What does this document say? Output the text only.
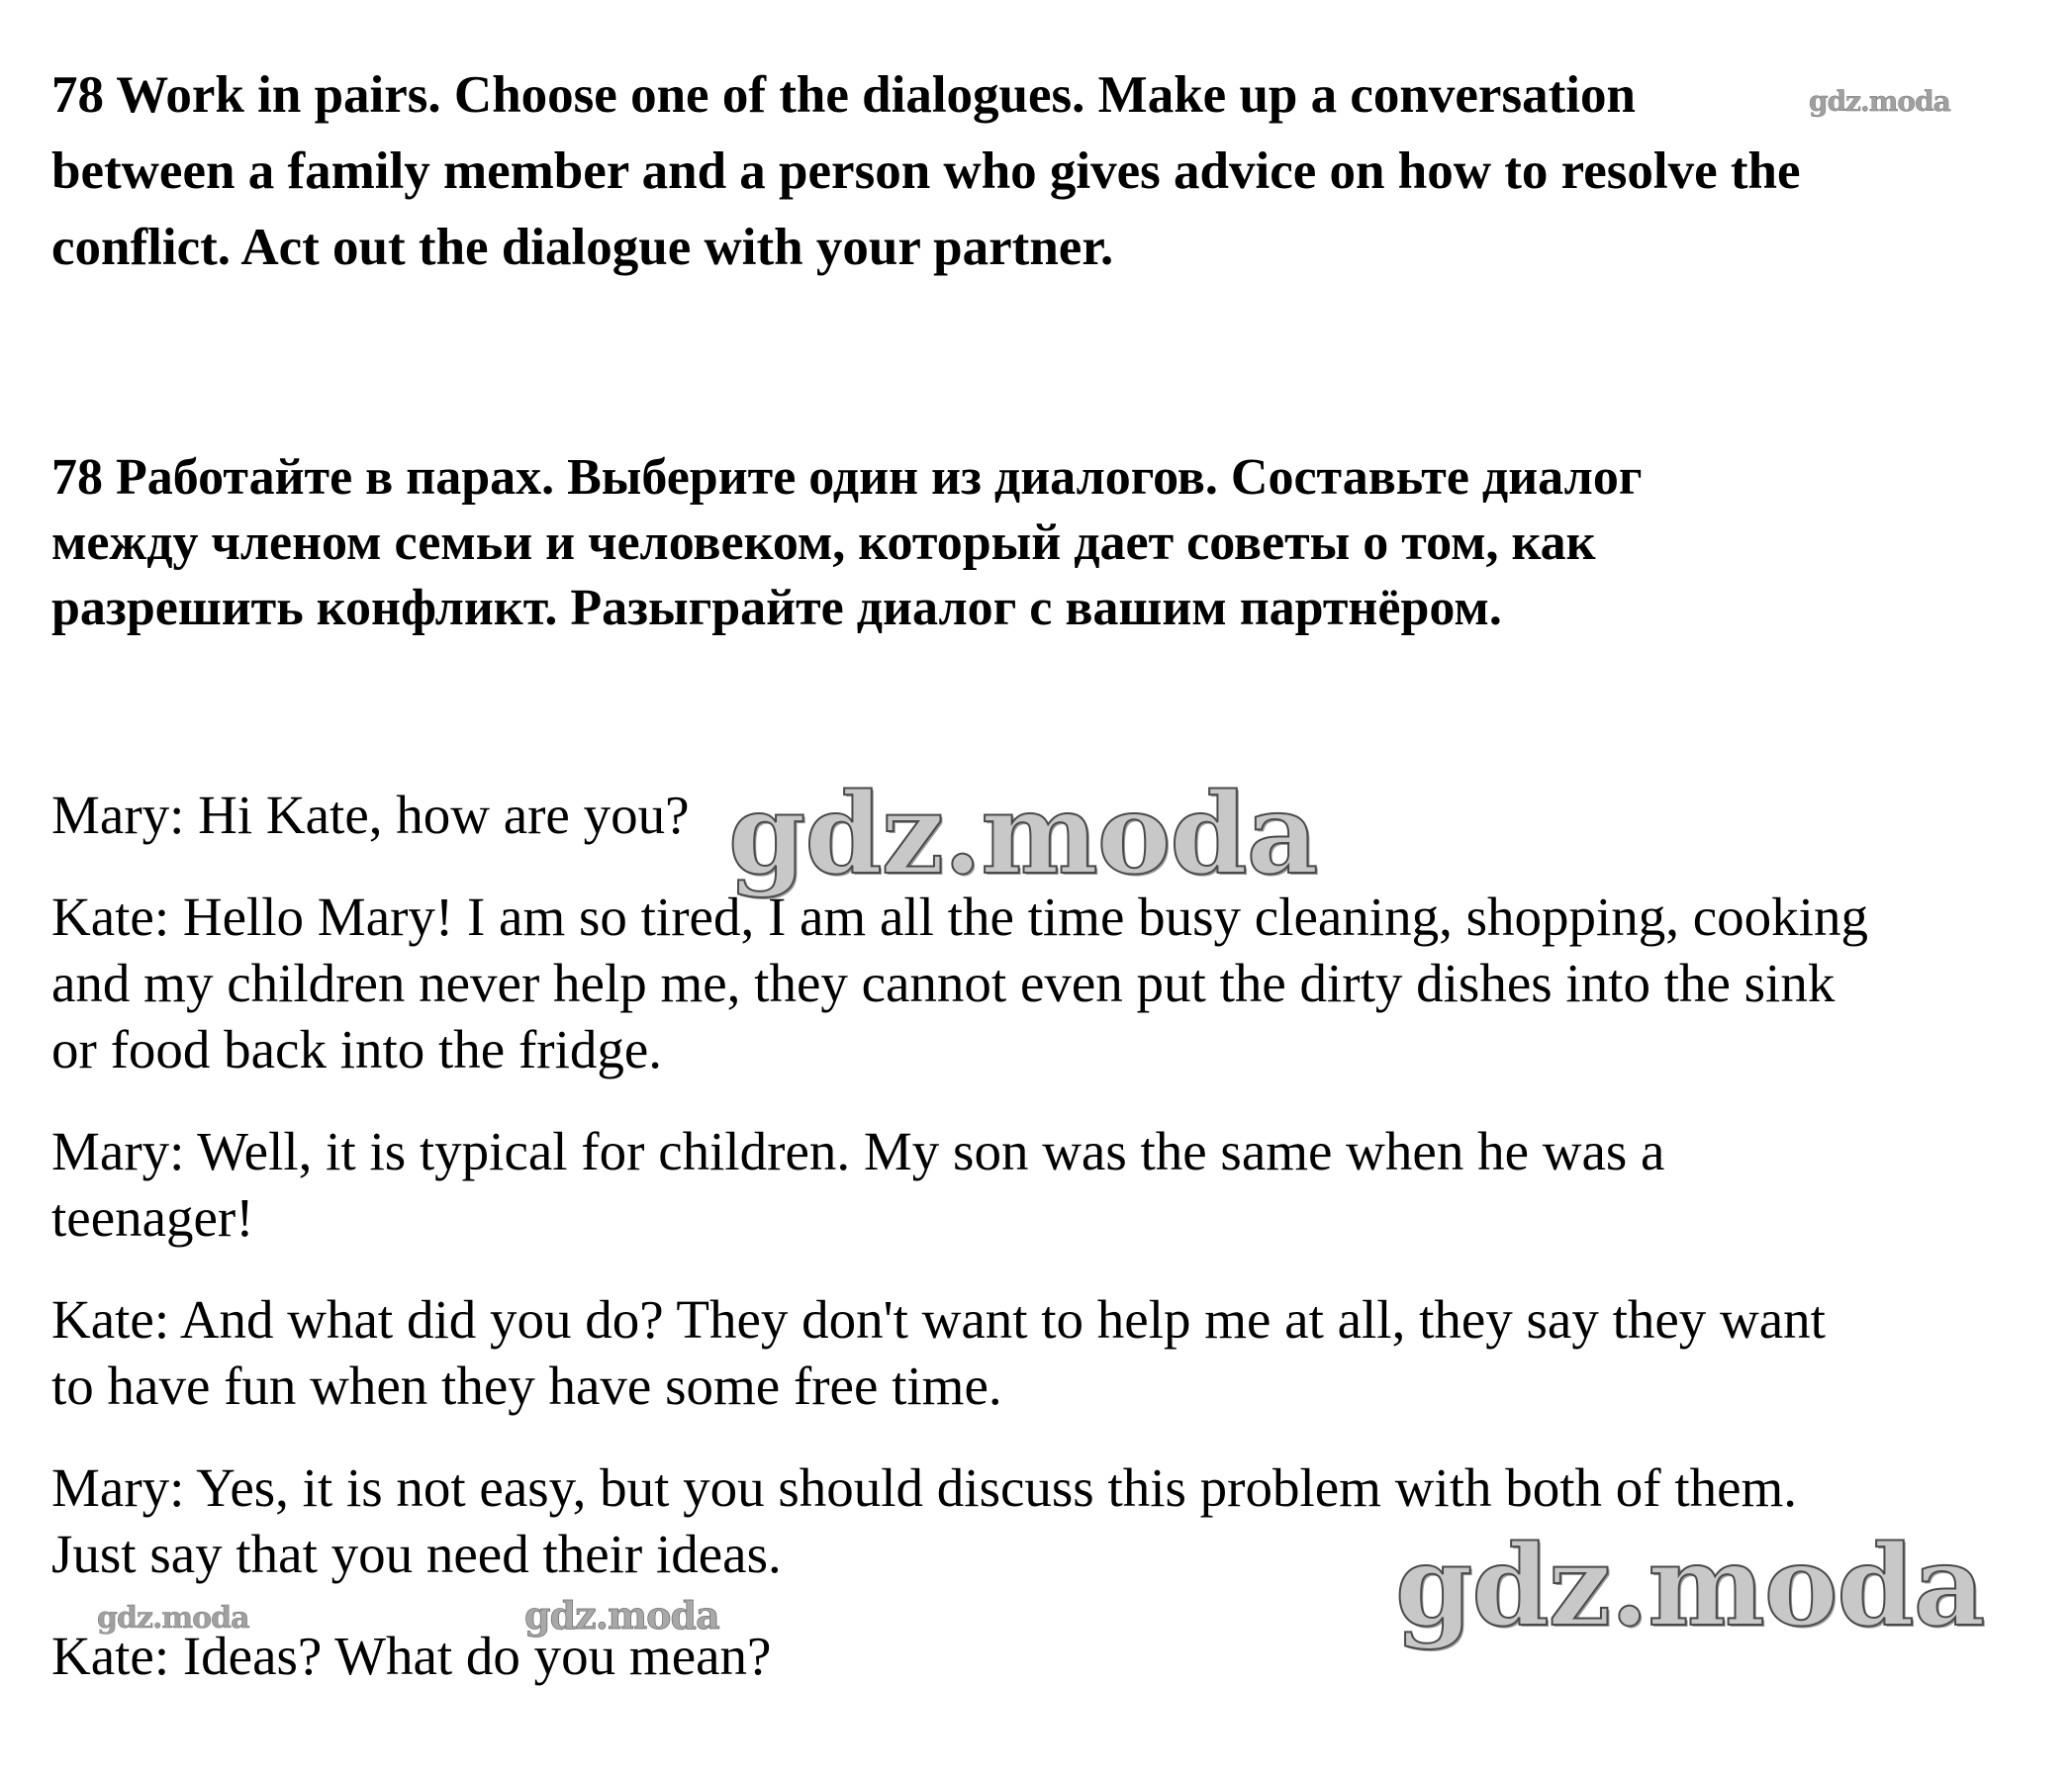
78 Work in pairs. Choose one of the dialogues. Make up a conversation
between a family member and a person who gives advice on how to resolve the
conflict. Act out the dialogue with your partner.
78 Работайте в парах. Выберите один из диалогов. Составьте диалог
между членом семьи и человеком, который дает советы о том, как
разрешить конфликт. Разыграйте диалог с вашим партнёром.

Mary: Hi Kate, how are you?

Kate: Hello Mary! I am so tired, I am all the time busy cleaning, shopping, cooking
and my children never help me, they cannot even put the dirty dishes into the sink
or food back into the fridge.

Mary: Well, it is typical for children. My son was the same when he was a
teenager!

Kate: And what did you do? They don't want to help me at all, they say they want
to have fun when they have some free time.

Mary: Yes, it is not easy, but you should discuss this problem with both of them.
Just say that you need their ideas.

Kate: Ideas? What do you mean?

gdz.moda
gdz.moda
gdz.moda
gdz.moda	gdz.moda
